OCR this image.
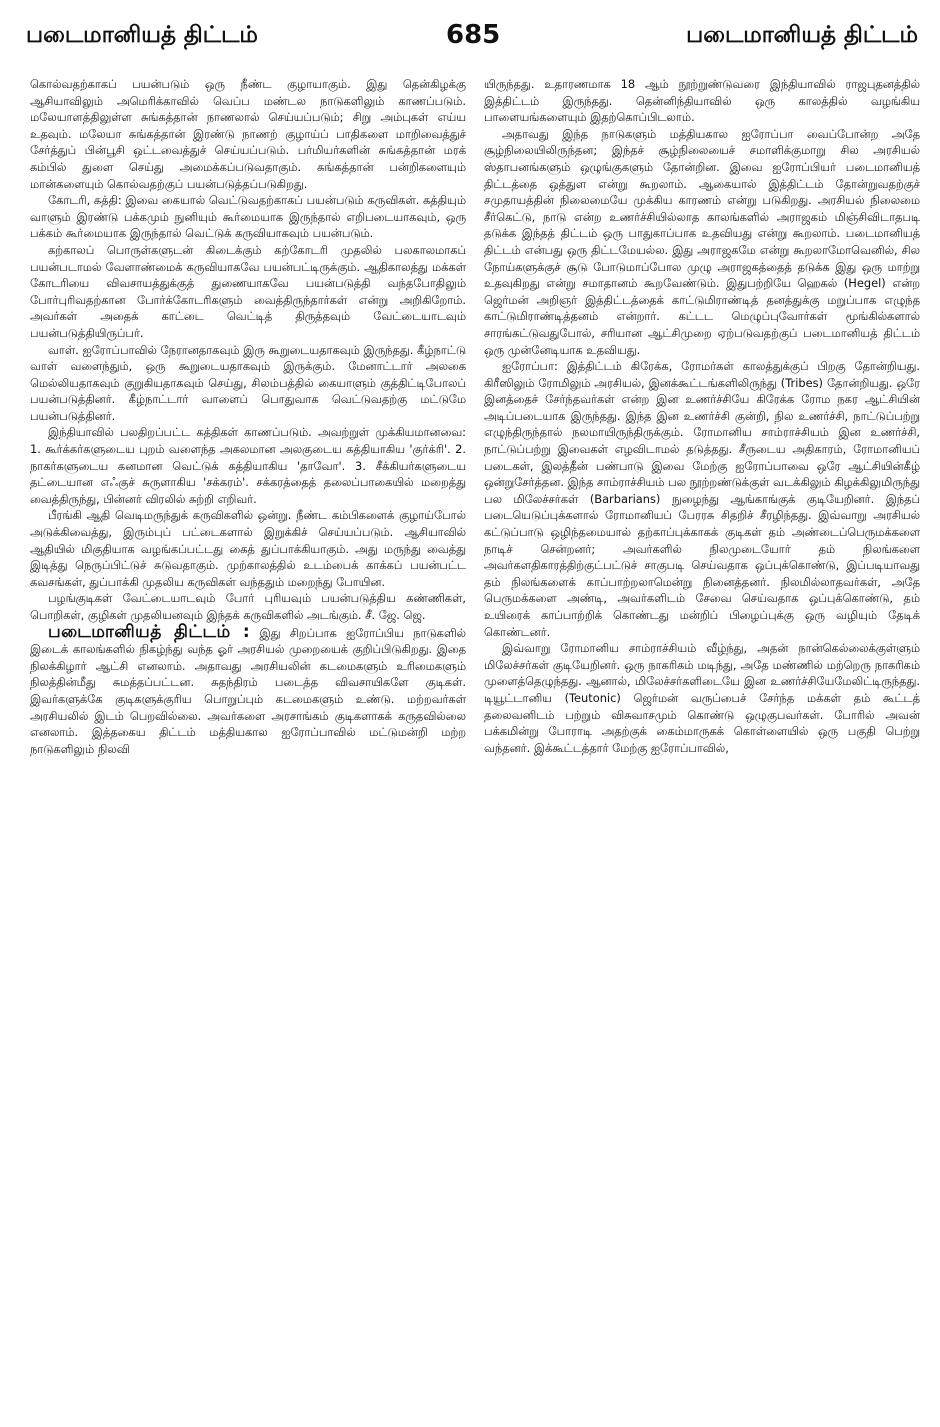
படைமானியத் திட்டம்	685	படைமானியத் திட்டம்

கொல்வதற்காகப் பயன்படும் ஒரு நீண்ட குழாயாகும். இது தென்கிழக்கு ஆசியாவிலும் அமெரிக்காவில் வெப்ப மண்டல நாடுகளிலும் காணப்படும். மலேயாளத்திலுள்ள சுங்கத்தான் நாணலால் செய்யப்படும்; சிறு அம்புகள் எய்ய உதவும். மலேயா சுங்கத்தான் இரண்டு நாணற் குழாய்ப் பாதிகளை மாறிவைத்துச் சேர்த்துப் பின்பூசி ஒட்டவைத்துச் செய்யப்படும். பர்மியர்களின் சுங்கத்தான் மரக் கம்பில் துளை செய்து அமைக்கப்படுவதாகும். சுங்கத்தான் பன்றிகளையும் மான்களையும் கொல்வதற்குப் பயன்படுத்தப்படுகிறது.

கோடரி, கத்தி: இவை கையால் வெட்டுவதற்காகப் பயன்படும் கருவிகள். கத்தியும் வாளும் இரண்டு பக்கமும் நுனியும் கூர்மையாக இருந்தால் எறிபடையாகவும், ஒரு பக்கம் கூர்மையாக இருந்தால் வெட்டுக் கருவியாகவும் பயன்படும்.

கற்காலப் பொருள்களுடன் கிடைக்கும் கற்கோடரி முதலில் பலகாலமாகப் பயன்படாமல் வேளாண்மைக் கருவியாகவே பயன்பட்டிருக்கும். ஆதிகாலத்து மக்கள் கோடரியை விவசாயத்துக்குத் துணையாகவே பயன்படுத்தி வந்தபோதிலும் போர்புரிவதற்கான போர்க்கோடரிகளும் வைத்திருந்தார்கள் என்று அறிகிறோம். அவர்கள் அதைக் காட்டை வெட்டித் திருத்தவும் வேட்டையாடவும் பயன்படுத்தியிருப்பர்.

வாள். ஐரோப்பாவில் நேரானதாகவும் இரு கூறுடையதாகவும் இருந்தது. கீழ்நாட்டு வாள் வளைந்தும், ஒரு கூறுடையதாகவும் இருக்கும். மேனாட்டார் அலகை மெல்லியதாகவும் குறுகியதாகவும் செய்து, சிலம்பத்தில் கையாளும் குத்திட்டிபோலப் பயன்படுத்தினர். கீழ்நாட்டார் வாளைப் பொதுவாக வெட்டுவதற்கு மட்டுமே பயன்படுத்தினர்.

இந்தியாவில் பலதிறப்பட்ட கத்திகள் காணப்படும். அவற்றுள் முக்கியமானவை: 1. கூர்க்கர்களுடைய புறம் வளைந்த அகலமான அலகுடைய கத்தியாகிய 'குர்க்ரி'. 2. நாகர்களுடைய கனமான வெட்டுக் கத்தியாகிய 'தாவோ'. 3. சீக்கியர்களுடைய தட்டையான எஃகுச் சுருளாகிய 'சக்கரம்'. சக்கரத்தைத் தலைப்பாகையில் மறைத்து வைத்திருந்து, பின்னர் விரலில் சுற்றி எறிவர்.

பீரங்கி ஆதி வெடிமருந்துக் கருவிகளில் ஒன்று. நீண்ட கம்பிகளைக் குழாய்போல் அடுக்கிவைத்து, இரும்புப் பட்டைகளால் இறுக்கிச் செய்யப்படும். ஆசியாவில் ஆதியில் மிகுதியாக வழங்கப்பட்டது கைத் துப்பாக்கியாகும். அது மருந்து வைத்து இடித்து நெருப்பிட்டுச் சுடுவதாகும். முற்காலத்தில் உடம்பைக் காக்கப் பயன்பட்ட கவசங்கள், துப்பாக்கி முதலிய கருவிகள் வந்ததும் மறைந்து போயின.

பழங்குடிகள் வேட்டையாடவும் போர் புரியவும் பயன்படுத்திய கண்ணிகள், பொறிகள், குழிகள் முதலியனவும் இந்தக் கருவிகளில் அடங்கும். சீ. ஜே. ஜெ.

படைமானியத் திட்டம் : இது சிறப்பாக ஐரோப்பிய நாடுகளில் இடைக் காலங்களில் நிகழ்ந்து வந்த ஓர் அரசியல் முறையைக் குறிப்பிடுகிறது. இதை நிலக்கிழார் ஆட்சி எனலாம். அதாவது அரசியலின் கடமைகளும் உரிமைகளும் நிலத்தின்மீது சுமத்தப்பட்டன. சுதந்திரம் படைத்த விவசாயிகளே குடிகள். இவர்களுக்கே குடிகளுக்குரிய பொறுப்பும் கடமைகளும் உண்டு. மற்றவர்கள் அரசியலில் இடம் பெறவில்லை. அவர்களை அரசாங்கம் குடிகளாகக் கருதவில்லை எனலாம். இத்தகைய திட்டம் மத்தியகால ஐரோப்பாவில் மட்டுமன்றி மற்ற நாடுகளிலும் நிலவி

யிருந்தது. உதாரணமாக 18 ஆம் நூற்றுண்டுவரை இந்தியாவில் ராஜபுதனத்தில் இத்திட்டம் இருந்தது. தென்னிந்தியாவில் ஒரு காலத்தில் வழங்கிய பாளையங்களையும் இதற்கொப்பிடலாம்.

அதாவது இந்த நாடுகளும் மத்தியகால ஐரோப்பா வைப்போன்ற அதே சூழ்நிலையிலிருந்தன; இந்தச் சூழ்நிலையைச் சமாளிக்குமாறு சில அரசியல் ஸ்தாபனங்களும் ஒழுங்குகளும் தோன்றின. இவை ஐரோப்பியர் படைமானியத் திட்டத்தை ஒத்துள என்று கூறலாம். ஆகையால் இத்திட்டம் தோன்றுவதற்குச் சமுதாயத்தின் நிலைமையே முக்கிய காரணம் என்று படுகிறது. அரசியல் நிலைமை சீர்கெட்டு, நாடு என்ற உணர்ச்சியில்லாத காலங்களில் அராஜகம் மிஞ்சிவிடாதபடி தடுக்க இந்தத் திட்டம் ஒரு பாதுகாப்பாக உதவியது என்று கூறலாம். படைமானியத் திட்டம் என்பது ஒரு திட்டமேயல்ல. இது அராஜகமே என்று கூறலாமோவெனில், சில நோய்களுக்குச் சூடு போடுமாப்போல முழு அராஜகத்தைத் தடுக்க இது ஒரு மாற்று உதவுகிறது என்று சமாதானம் கூறவேண்டும். இதுபற்றியே ஹெகல் (Hegel) என்ற ஜெர்மன் அறிஞர் இத்திட்டத்தைக் காட்டுமிராண்டித் தனத்துக்கு மறுப்பாக எழுந்த காட்டுமிராண்டித்தனம் என்றார். கட்டட மெழுப்புவோர்கள் மூங்கில்களால் சாரங்கட்டுவதுபோல், சரியான ஆட்சிமுறை ஏற்படுவதற்குப் படைமானியத் திட்டம் ஒரு முன்னேடியாக உதவியது.

ஐரோப்பா: இத்திட்டம் கிரேக்க, ரோமர்கள் காலத்துக்குப் பிறகு தோன்றியது. கிரீஸிலும் ரோமிலும் அரசியல், இனக்கூட்டங்களிலிருந்து (Tribes) தோன்றியது. ஒரே இனத்தைச் சேர்ந்தவர்கள் என்ற இன உணர்ச்சியே கிரேக்க ரோம நகர ஆட்சியின் அடிப்படையாக இருந்தது. இந்த இன உணர்ச்சி குன்றி, நில உணர்ச்சி, நாட்டுப்பற்று எழுந்திருந்தால் நலமாயிருந்திருக்கும். ரோமானிய சாம்ராச்சியம் இன உணர்ச்சி, நாட்டுப்பற்று இவைகள் எழவிடாமல் தடுத்தது. சீருடைய அதிகாரம், ரோமானியப் படைகள், இலத்தீன் பண்பாடு இவை மேற்கு ஐரோப்பாவை ஒரே ஆட்சியின்கீழ் ஒன்றுசேர்த்தன. இந்த சாம்ராச்சியம் பல நூற்றண்டுக்குள் வடக்கிலும் கிழக்கிலுமிருந்து பல மிலேச்சர்கள் (Barbarians) நுழைந்து ஆங்காங்குக் குடியேறினர். இந்தப் படையெடுப்புக்களால் ரோமானியப் பேரரசு சிதறிச் சீரழிந்தது. இவ்வாறு அரசியல் கட்டுப்பாடு ஒழிந்தமையால் தற்காப்புக்காகக் குடிகள் தம் அண்டைப்பெருமக்களை நாடிச் சென்றனர்; அவர்களில் நிலமுடையோர் தம் நிலங்களை அவர்களதிகாரத்திற்குட்பட்டுச் சாகுபடி செய்வதாக ஒப்புக்கொண்டு, இப்படியாவது தம் நிலங்களைக் காப்பாற்றலாமென்று நினைத்தனர். நிலமில்லாதவர்கள், அதே பெருமக்களை அண்டி, அவர்களிடம் சேவை செய்வதாக ஒப்புக்கொண்டு, தம் உயிரைக் காப்பாற்றிக் கொண்டது மன்றிப் பிழைப்புக்கு ஒரு வழியும் தேடிக் கொண்டனர்.

இவ்வாறு ரோமானிய சாம்ராச்சியம் வீழ்ந்து, அதன் நான்கெல்லைக்குள்ளும் மிலேச்சர்கள் குடியேறினர். ஒரு நாகரிகம் மடிந்து, அதே மண்ணில் மற்றெரு நாகரிகம் முளைத்தெழுந்தது. ஆனால், மிலேச்சர்களிடையே இன உணர்ச்சியேமேலிட்டிருந்தது. டியூட்டானிய (Teutonic) ஜெர்மன் வருப்பைச் சேர்ந்த மக்கள் தம் கூட்டத் தலைவனிடம் பற்றும் விசுவாசமும் கொண்டு ஒழுகுபவர்கள். போரில் அவன் பக்கமின்று போராடி அதற்குக் கைம்மாருகக் கொள்ளையில் ஒரு பகுதி பெற்று வந்தனர். இக்கூட்டத்தார் மேற்கு ஐரோப்பாவில்,
